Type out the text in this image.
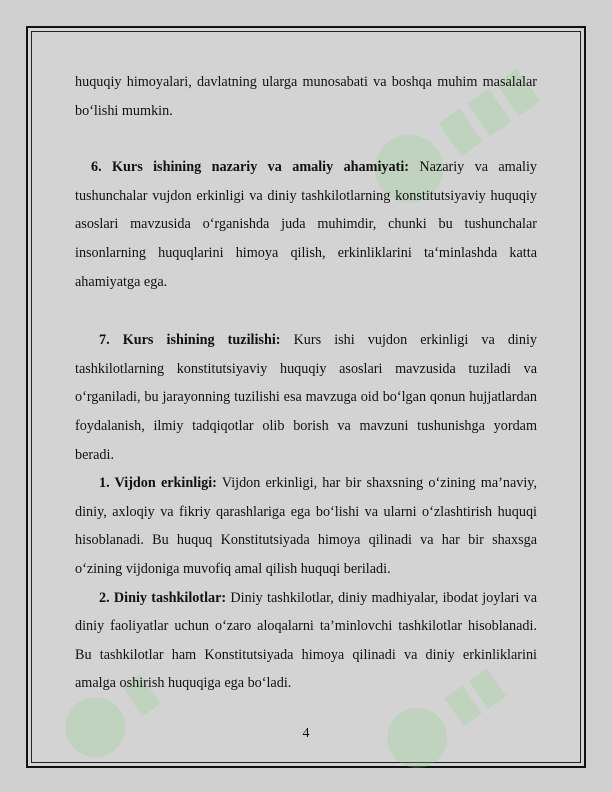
huquqiy himoyalari, davlatning ularga munosabati va boshqa muhim masalalar bo‘lishi mumkin.

6. Kurs ishining nazariy va amaliy ahamiyati: Nazariy va amaliy tushunchalar vujdon erkinligi va diniy tashkilotlarning konstitutsiyaviy huquqiy asoslari mavzusida o‘rganishda juda muhimdir, chunki bu tushunchalar insonlarning huquqlarini himoya qilish, erkinliklarini ta‘minlashda katta ahamiyatga ega.

7. Kurs ishining tuzilishi: Kurs ishi vujdon erkinligi va diniy tashkilotlarning konstitutsiyaviy huquqiy asoslari mavzusida tuziladi va o‘rganiladi, bu jarayonning tuzilishi esa mavzuga oid bo‘lgan qonun hujjatlardan foydalanish, ilmiy tadqiqotlar olib borish va mavzuni tushunishga yordam beradi.

1. Vijdon erkinligi: Vijdon erkinligi, har bir shaxsning o‘zining ma’naviy, diniy, axloqiy va fikriy qarashlariga ega bo‘lishi va ularni o‘zlashtirish huquqi hisoblanadi. Bu huquq Konstitutsiyada himoya qilinadi va har bir shaxsga o‘zining vijdoniga muvofiq amal qilish huquqi beriladi.

2. Diniy tashkilotlar: Diniy tashkilotlar, diniy madhiyalar, ibodat joylari va diniy faoliyatlar uchun o‘zaro aloqalarni ta’minlovchi tashkilotlar hisoblanadi. Bu tashkilotlar ham Konstitutsiyada himoya qilinadi va diniy erkinliklarini amalga oshirish huquqiga ega bo‘ladi.

4
